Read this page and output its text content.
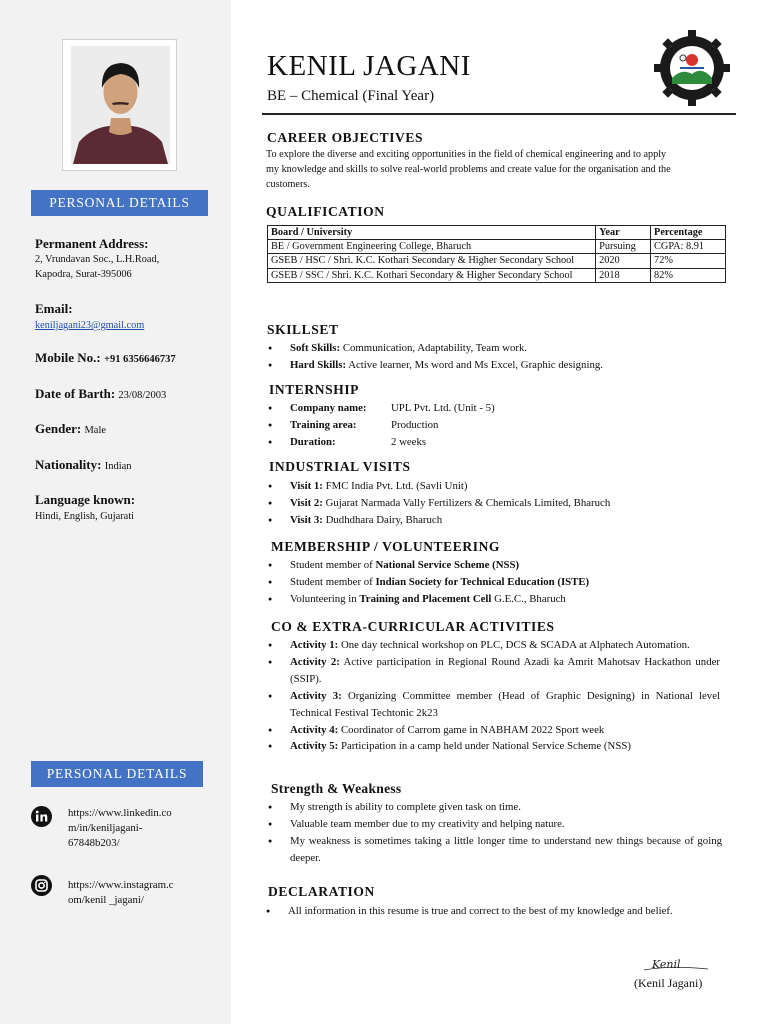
PERSONAL DETAILS
Permanent Address:
2, Vrundavan Soc., L.H.Road,
Kapodra, Surat-395006
Email:
keniljagani23@gmail.com
Mobile No.: +91 6356646737
Date of Barth: 23/08/2003
Gender: Male
Nationality: Indian
Language known:
Hindi, English, Gujarati
PERSONAL DETAILS
https://www.linkedin.co
m/in/keniljagani-
67848b203/
https://www.instagram.c
om/kenil _jagani/
KENIL JAGANI
BE – Chemical (Final Year)
CAREER OBJECTIVES
To explore the diverse and exciting opportunities in the field of chemical engineering and to apply
my knowledge and skills to solve real-world problems and create value for the organisation and the
customers.
QUALIFICATION
Board / University	Year	Percentage
BE / Government Engineering College, Bharuch	Pursuing	CGPA: 8.91
GSEB / HSC / Shri. K.C. Kothari Secondary & Higher Secondary School	2020	72%
GSEB / SSC / Shri. K.C. Kothari Secondary & Higher Secondary School	2018	82%
SKILLSET
● Soft Skills: Communication, Adaptability, Team work.
● Hard Skills: Active learner, Ms word and Ms Excel, Graphic designing.
INTERNSHIP
● Company name: UPL Pvt. Ltd. (Unit - 5)
● Training area:	Production
● Duration:	2 weeks
INDUSTRIAL VISITS
● Visit 1: FMC India Pvt. Ltd. (Savli Unit)
● Visit 2: Gujarat Narmada Vally Fertilizers & Chemicals Limited, Bharuch
● Visit 3: Dudhdhara Dairy, Bharuch
MEMBERSHIP / VOLUNTEERING
● Student member of National Service Scheme (NSS)
● Student member of Indian Society for Technical Education (ISTE)
● Volunteering in Training and Placement Cell G.E.C., Bharuch
CO & EXTRA-CURRICULAR ACTIVITIES
● Activity 1: One day technical workshop on PLC, DCS & SCADA at Alphatech Automation.
● Activity 2: Active participation in Regional Round Azadi ka Amrit Mahotsav Hackathon under (SSIP).
● Activity 3: Organizing Committee member (Head of Graphic Designing) in National level Technical Festival Techtonic 2k23
● Activity 4: Coordinator of Carrom game in NABHAM 2022 Sport week
● Activity 5: Participation in a camp held under National Service Scheme (NSS)
Strength & Weakness
● My strength is ability to complete given task on time.
● Valuable team member due to my creativity and helping nature.
● My weakness is sometimes taking a little longer time to understand new things because of going deeper.
DECLARATION
● All information in this resume is true and correct to the best of my knowledge and belief.
Kenil
(Kenil Jagani)
